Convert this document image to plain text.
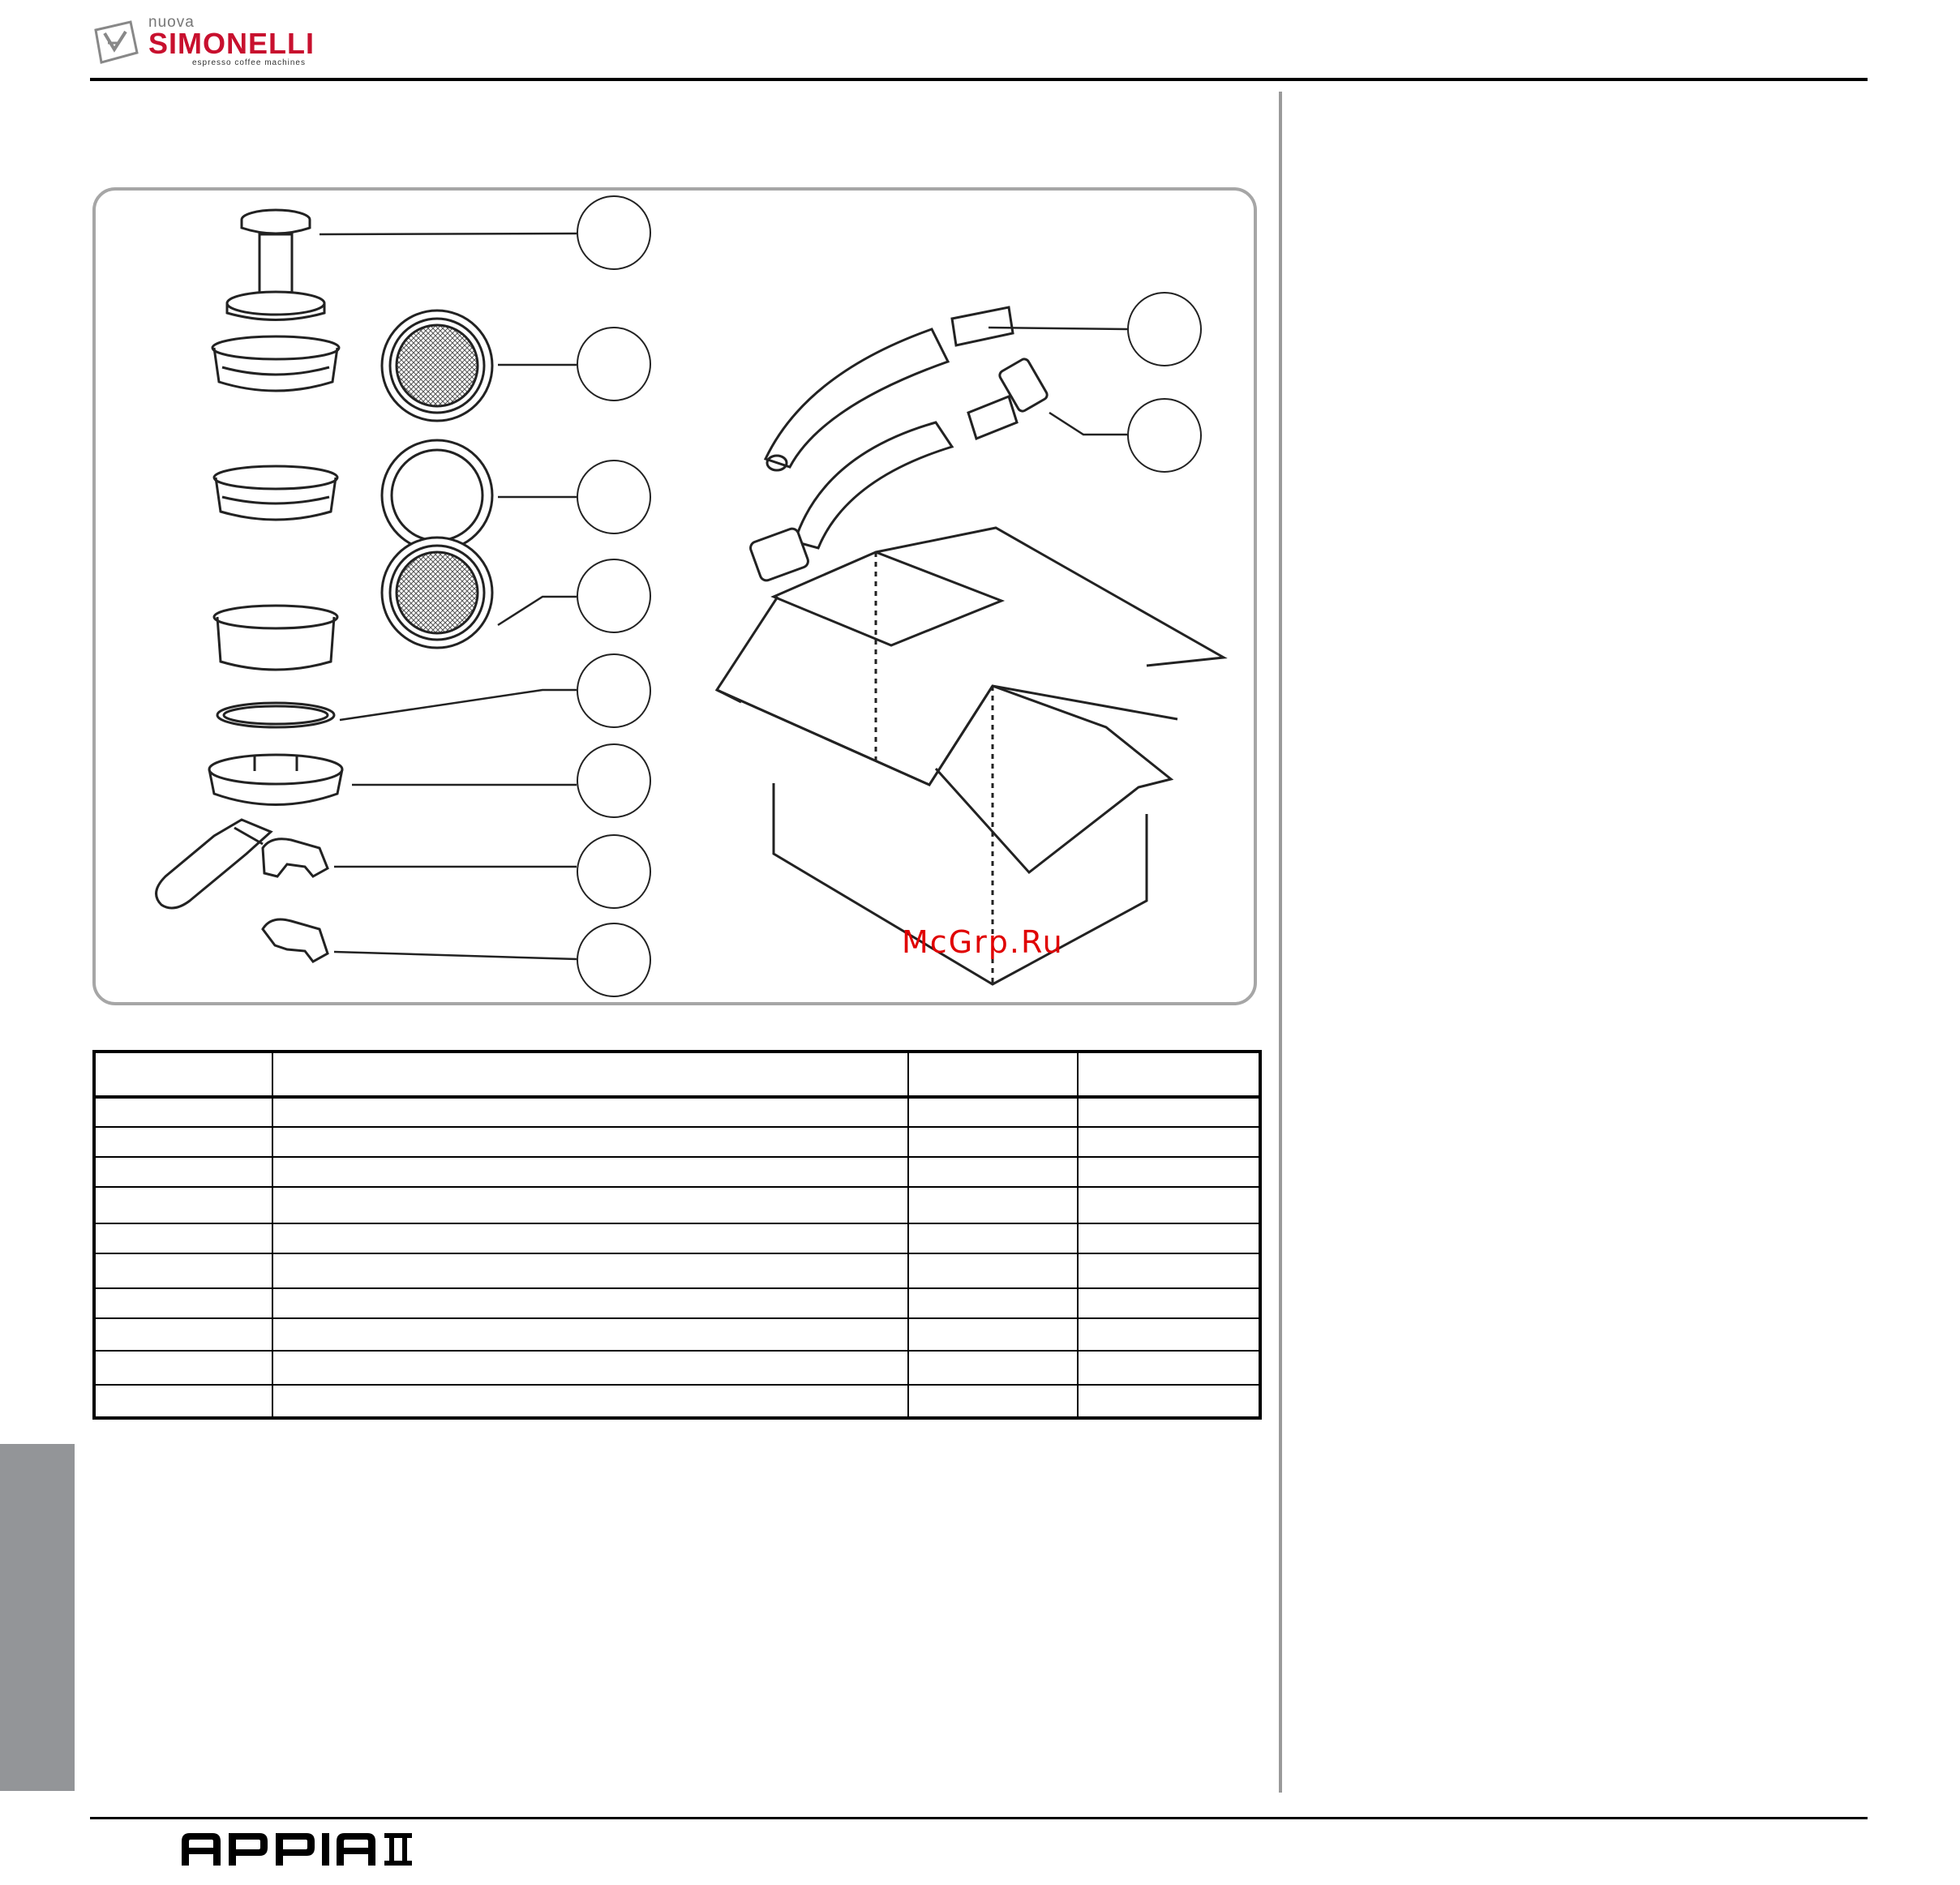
nuova
SIMONELLI
espresso coffee machines
McGrp.Ru
